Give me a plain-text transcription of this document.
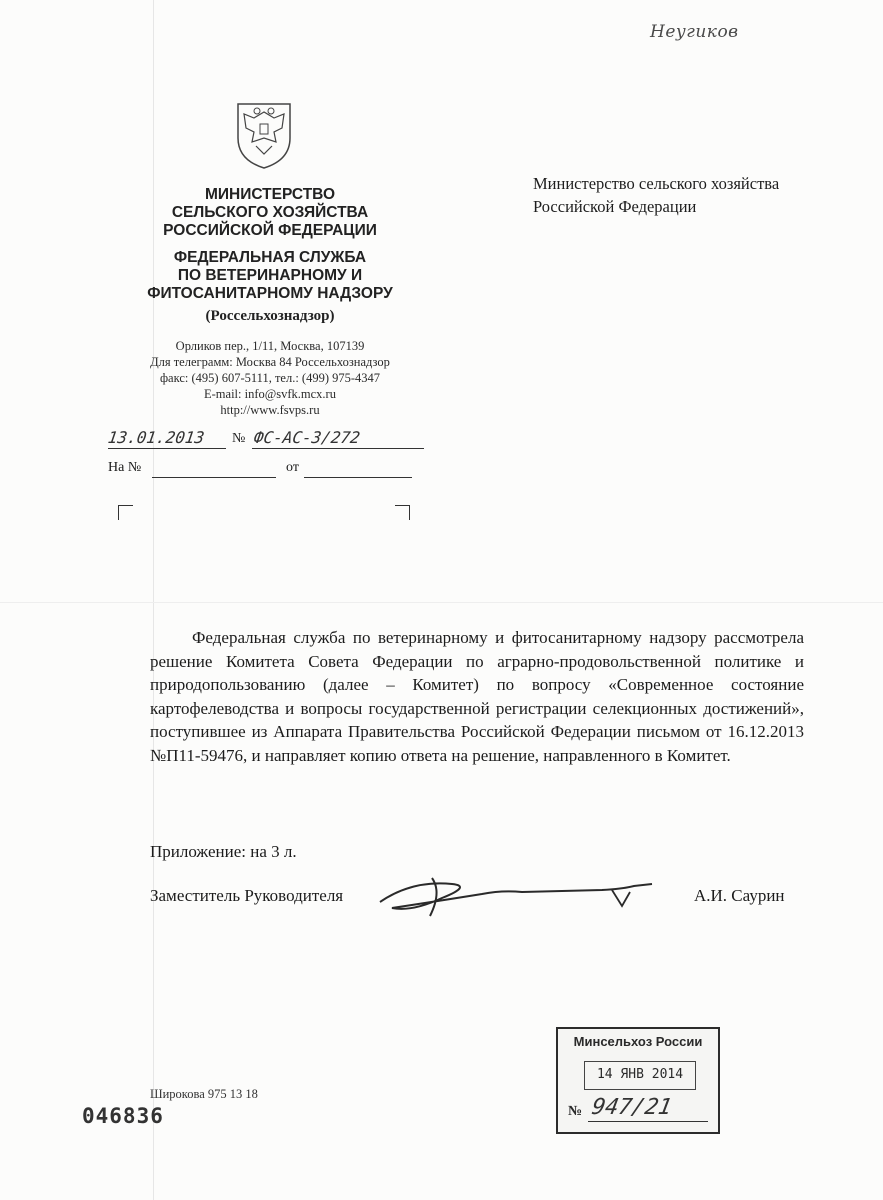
Неугиков
МИНИСТЕРСТВО
СЕЛЬСКОГО ХОЗЯЙСТВА
РОССИЙСКОЙ ФЕДЕРАЦИИ
ФЕДЕРАЛЬНАЯ СЛУЖБА
ПО ВЕТЕРИНАРНОМУ И
ФИТОСАНИТАРНОМУ НАДЗОРУ
(Россельхознадзор)
Орликов пер., 1/11, Москва, 107139
Для телеграмм: Москва 84 Россельхознадзор
факс: (495) 607-5111, тел.: (499) 975-4347
E-mail: info@svfk.mcx.ru
http://www.fsvps.ru
13.01.2013 № ФС-АС-3/272
На №	от
Министерство сельского хозяйства
Российской Федерации
Федеральная служба по ветеринарному и фитосанитарному надзору рассмотрела решение Комитета Совета Федерации по аграрно-продовольственной политике и природопользованию (далее – Комитет) по вопросу «Современное состояние картофелеводства и вопросы государственной регистрации селекционных достижений», поступившее из Аппарата Правительства Российской Федерации письмом от 16.12.2013 №П11-59476, и направляет копию ответа на решение, направленного в Комитет.
Приложение: на 3 л.
Заместитель Руководителя	А.И. Саурин
Широкова 975 13 18
046836
Минсельхоз России
14 ЯНВ 2014
№ 947/21
